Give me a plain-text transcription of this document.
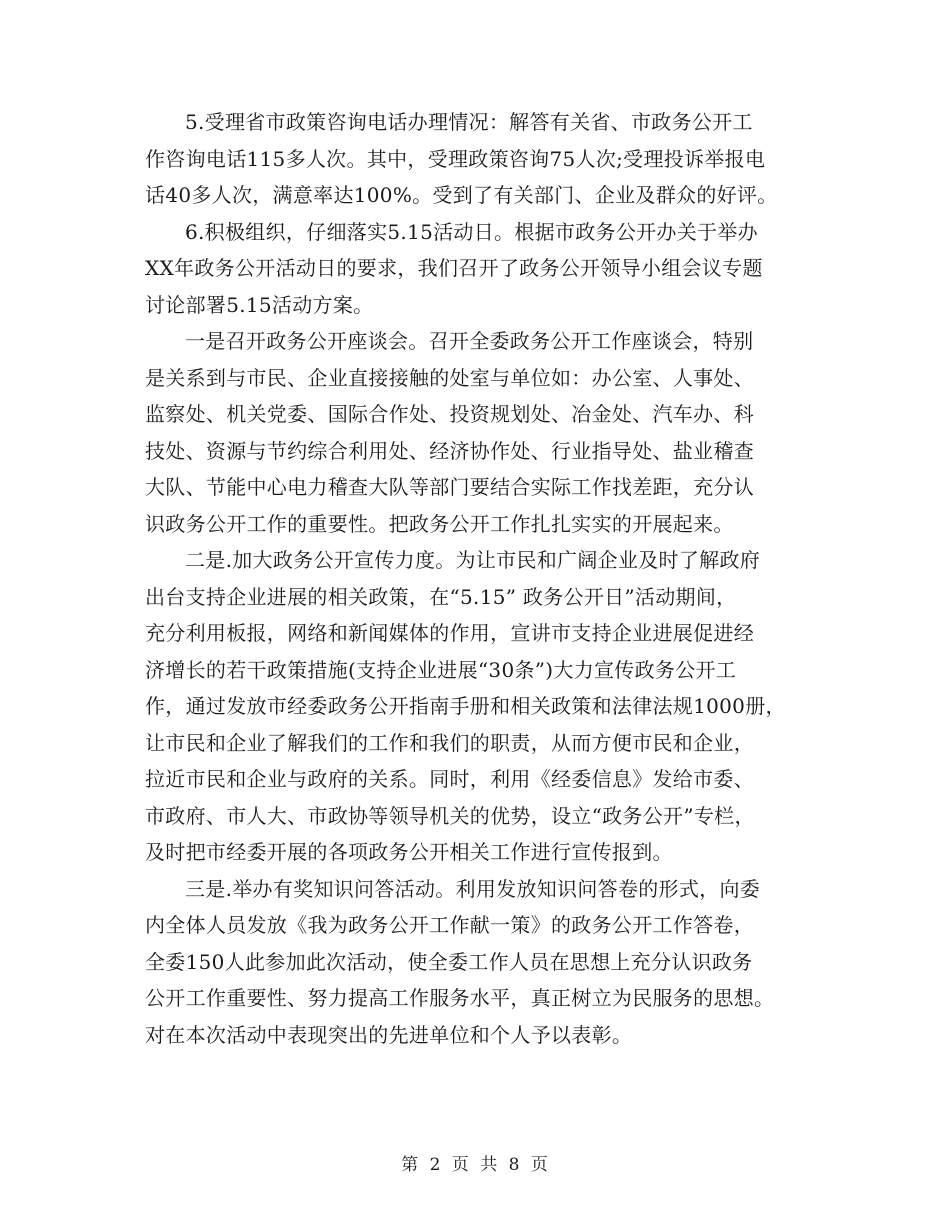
5.受理省市政策咨询电话办理情况：解答有关省、市政务公开工
作咨询电话115多人次。其中，受理政策咨询75人次;受理投诉举报电
话40多人次，满意率达100%。受到了有关部门、企业及群众的好评。
6.积极组织，仔细落实5.15活动日。根据市政务公开办关于举办
XX年政务公开活动日的要求，我们召开了政务公开领导小组会议专题
讨论部署5.15活动方案。
一是召开政务公开座谈会。召开全委政务公开工作座谈会，特别
是关系到与市民、企业直接接触的处室与单位如：办公室、人事处、
监察处、机关党委、国际合作处、投资规划处、冶金处、汽车办、科
技处、资源与节约综合利用处、经济协作处、行业指导处、盐业稽查
大队、节能中心电力稽查大队等部门要结合实际工作找差距，充分认
识政务公开工作的重要性。把政务公开工作扎扎实实的开展起来。
二是.加大政务公开宣传力度。为让市民和广阔企业及时了解政府
出台支持企业进展的相关政策，在“5.15” 政务公开日”活动期间，
充分利用板报，网络和新闻媒体的作用，宣讲市支持企业进展促进经
济增长的若干政策措施(支持企业进展“30条”)大力宣传政务公开工
作，通过发放市经委政务公开指南手册和相关政策和法律法规1000册，
让市民和企业了解我们的工作和我们的职责，从而方便市民和企业，
拉近市民和企业与政府的关系。同时，利用《经委信息》发给市委、
市政府、市人大、市政协等领导机关的优势，设立“政务公开”专栏，
及时把市经委开展的各项政务公开相关工作进行宣传报到。
三是.举办有奖知识问答活动。利用发放知识问答卷的形式，向委
内全体人员发放《我为政务公开工作献一策》的政务公开工作答卷，
全委150人此参加此次活动，使全委工作人员在思想上充分认识政务
公开工作重要性、努力提高工作服务水平，真正树立为民服务的思想。
对在本次活动中表现突出的先进单位和个人予以表彰。
第 2 页 共 8 页
